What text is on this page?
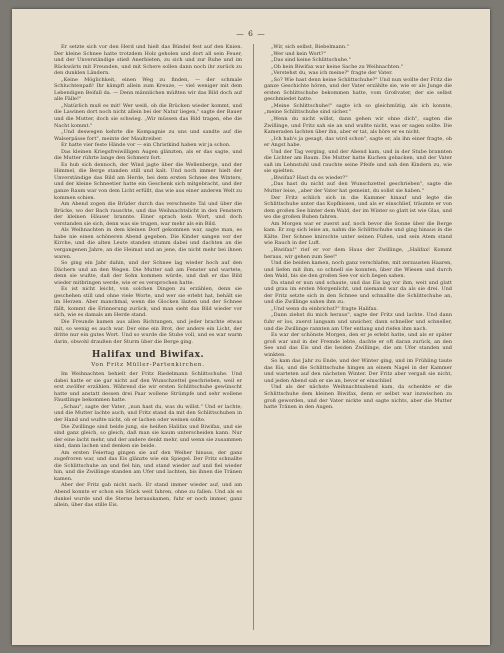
— 6 —

Er setzte sich vor den Herd und hielt das Bündel fest auf den Knien. Der kleine Schnee hatte trotzdem Holz geholen und dort all sein Feuer, und der Unverständige stieß Anerbieten, zu sich und zur Ruhe und im Rückwärts mit Freunden, und mit Schere sollen dann noch ihr zurück zu den dunklen Ländern.

„Keine Möglichkeit, einen Weg zu finden, — der schmale Schluchtenpaß! Ihr kämpft allein zum Kreuze, — viel weniger mit dem Lebendigen Beifall da. — Denn männlichen müßten wir das Bild doch auf alle Fälle!"

„Natürlich muß es mit! Wer weiß, ob die Brücken wieder kommt, und die Lawinen dort noch nicht allein bei der Natur liegen," sagte der Bauer und die Mutter, doch sie schwieg. „Wir müssen das Bild tragen, ehe die Nacht kommt."

„Und deswegen kehrte die Kompagnie zu uns und sandte auf die Walserpässe fort", meinte der Maultreiber.

Er hatte vier feste Hände vor — ein Christkind haben wir ja schon.

Das kleinen Kriegsfreiwilligen Augen glänzten, als er das sagte, und die Mutter rührte lange den Schmerz fort.

Es hub sich dennoch, der Wind jagte über die Wellenberge, und der Himmel, die Berge standen still und kalt. Und noch immer hielt der Unverständige das Bild am Herde, bei dem ersten Schnee des Winters, und der kleine Schneetier hatte ein Geschenk sich mitgebracht, und der ganze Raum war von dem Licht erfüllt, das wie aus einer anderen Welt zu kommen schien.

Am Abend zogen die Brüder durch das verschneite Tal und über die Brücke, wo der Bach rauschte, und das Weihnachtslicht in den Fenstern der kleinen Häuser brannte. Einer sprach kein Wort, und doch verstanden sie sich, denn was sie trugen, war mehr als ein Bild.

Als Weihnachten in dem kleinen Dorf gekommen war, sagte man, es habe nie einen schöneren Abend gegeben. Die Kinder sangen vor der Kirche, und die alten Leute standen stumm dabei und dachten an die vergangenen Jahre, an die Heimat und an jene, die nicht mehr bei ihnen waren.

So ging ein Jahr dahin, und der Schnee lag wieder hoch auf den Dächern und an den Wegen. Die Mutter saß am Fenster und wartete, denn sie wußte, daß der Sohn kommen würde, und daß er das Bild wieder mitbringen werde, wie er es versprochen hatte.

Es ist nicht leicht, von solchen Dingen zu erzählen, denn sie geschehen still und ohne viele Worte, und wer sie erlebt hat, behält sie im Herzen. Aber manchmal, wenn die Glocken läuten und der Schnee fällt, kommt die Erinnerung zurück, und man sieht das Bild wieder vor sich, wie es damals am Herde stand.

Die Freunde kamen aus allen Richtungen, und jeder brachte etwas mit, so wenig es auch war. Der eine ein Brot, der andere ein Licht, der dritte nur ein gutes Wort. Und so wurde die Stube voll, und es war warm darin, obwohl draußen der Sturm über die Berge ging.

Halifax und Biwifax.
Von Fritz Müller-Partenkirchen.

Im Weihnachten behielt der Fritz Riedelmann Schlittschuhe. Und dabei hatte er sie gar nicht auf den Wunschzettel geschrieben, weil er erst zwölfer erzählen. Während die wir ersten Schlittschuhe gewünscht hatte und anstatt dessen drei Paar wollene Strümpfe und sehr wollene Fäustlinge bekommen hatte.

„Schau", sagte der Vater, „nun hast du, was du willst." Und er lachte, und die Mutter lachte auch, und Fritz stand da mit den Schlittschuhen in der Hand und wußte nicht, ob er lachen oder weinen sollte.

Die Zwillinge sind beide jung, sie heißen Halifax und Biwifax, und sie sind ganz gleich, so gleich, daß man sie kaum unterscheiden kann. Nur der eine lacht mehr, und der andere denkt mehr, und wenn sie zusammen sind, dann lachen und denken sie beide.

Am ersten Feiertag gingen sie auf den Weiher hinaus, der ganz zugefroren war, und das Eis glänzte wie ein Spiegel. Der Fritz schnallte die Schlittschuhe an und fiel hin, und stand wieder auf und fiel wieder hin, und die Zwillinge standen am Ufer und lachten, bis ihnen die Tränen kamen.

Aber der Fritz gab nicht nach. Er stand immer wieder auf, und am Abend konnte er schon ein Stück weit fahren, ohne zu fallen. Und als es dunkel wurde und die Sterne herauskamen, fuhr er noch immer, ganz allein, über das stille Eis.

„Wir, sich selbst, Biebelmann."

„Wer und kein Wort?"

„Das sind keine Schlittschuhe."

„Ob kein Biwifax war keine Sache zu Weihnachten."

„Verstehst du, was ich meine?" fragte der Vater.

„So? Wie hast denn keine Schlittschuhe?" Und nun wollte der Fritz die ganze Geschichte hören, und der Vater erzählte sie, wie er als Junge die ersten Schlittschuhe bekommen hatte, vom Großvater, der sie selbst geschmiedet hatte.

„Meine Schlittschuhe!" sagte ich so gleichmütig, als ich konnte, „meine Schlittschuhe sind sicher."

„Wenn du nicht willst, dann gehen wir ohne dich", sagten die Zwillinge, und Fritz sah sie an und wußte nicht, was er sagen sollte. Die Kameraden lachten über ihn, aber er tat, als höre er es nicht.

„Ich hab's ja gesagt, das wird schon", sagte er, als ihn einer fragte, ob er Angst habe.

Und der Tag verging, und der Abend kam, und in der Stube brannten die Lichter am Baum. Die Mutter hatte Kuchen gebacken, und der Vater saß im Lehnstuhl und rauchte seine Pfeife und sah den Kindern zu, wie sie spielten.

„Biwifax? Hast du es wieder?"

„Das hast du nicht auf den Wunschzettel geschrieben", sagte die Mutter leise, „aber der Vater hat gemeint, du sollst sie haben."

Der Fritz schlich sich in die Kammer hinauf und legte die Schlittschuhe unter das Kopfkissen, und als er einschlief, träumte er von dem großen See hinter dem Wald, der im Winter so glatt ist wie Glas, und wo die großen Buben fahren.

Am Morgen war er zuerst auf, noch bevor die Sonne über die Berge kam. Er zog sich leise an, nahm die Schlittschuhe und ging hinaus in die Kälte. Der Schnee knirschte unter seinen Füßen, und sein Atem stand wie Rauch in der Luft.

„Biwifax!" rief er vor dem Haus der Zwillinge, „Halifax! Kommt heraus, wir gehen zum See!"

Und die beiden kamen, noch ganz verschlafen, mit zerzausten Haaren, und liefen mit ihm, so schnell sie konnten, über die Wiesen und durch den Wald, bis sie den großen See vor sich liegen sahen.

Da stand er nun und schaute, und das Eis lag vor ihm, weit und glatt und grau im ersten Morgenlicht, und niemand war da als sie drei. Und der Fritz setzte sich in den Schnee und schnallte die Schlittschuhe an, und die Zwillinge sahen ihm zu.

„Und wenn du einbrichst?" fragte Halifax.

„Dann ziehst du mich heraus", sagte der Fritz und lachte. Und dann fuhr er los, zuerst langsam und unsicher, dann schneller und schneller, und die Zwillinge rannten am Ufer entlang und riefen ihm nach.

Es war der schönste Morgen, den er je erlebt hatte, und als er später groß war und in der Fremde lebte, dachte er oft daran zurück, an den See und das Eis und die beiden Zwillinge, die am Ufer standen und winkten.

So kam das Jahr zu Ende, und der Winter ging, und im Frühling taute das Eis, und die Schlittschuhe hingen an einem Nagel in der Kammer und warteten auf den nächsten Winter. Der Fritz aber vergaß sie nicht, und jeden Abend sah er sie an, bevor er einschlief.

Und als der nächste Weihnachtsabend kam, da schenkte er die Schlittschuhe dem kleinen Biwifax, denn er selbst war inzwischen zu groß geworden, und der Vater nickte und sagte nichts, aber die Mutter hatte Tränen in den Augen.
